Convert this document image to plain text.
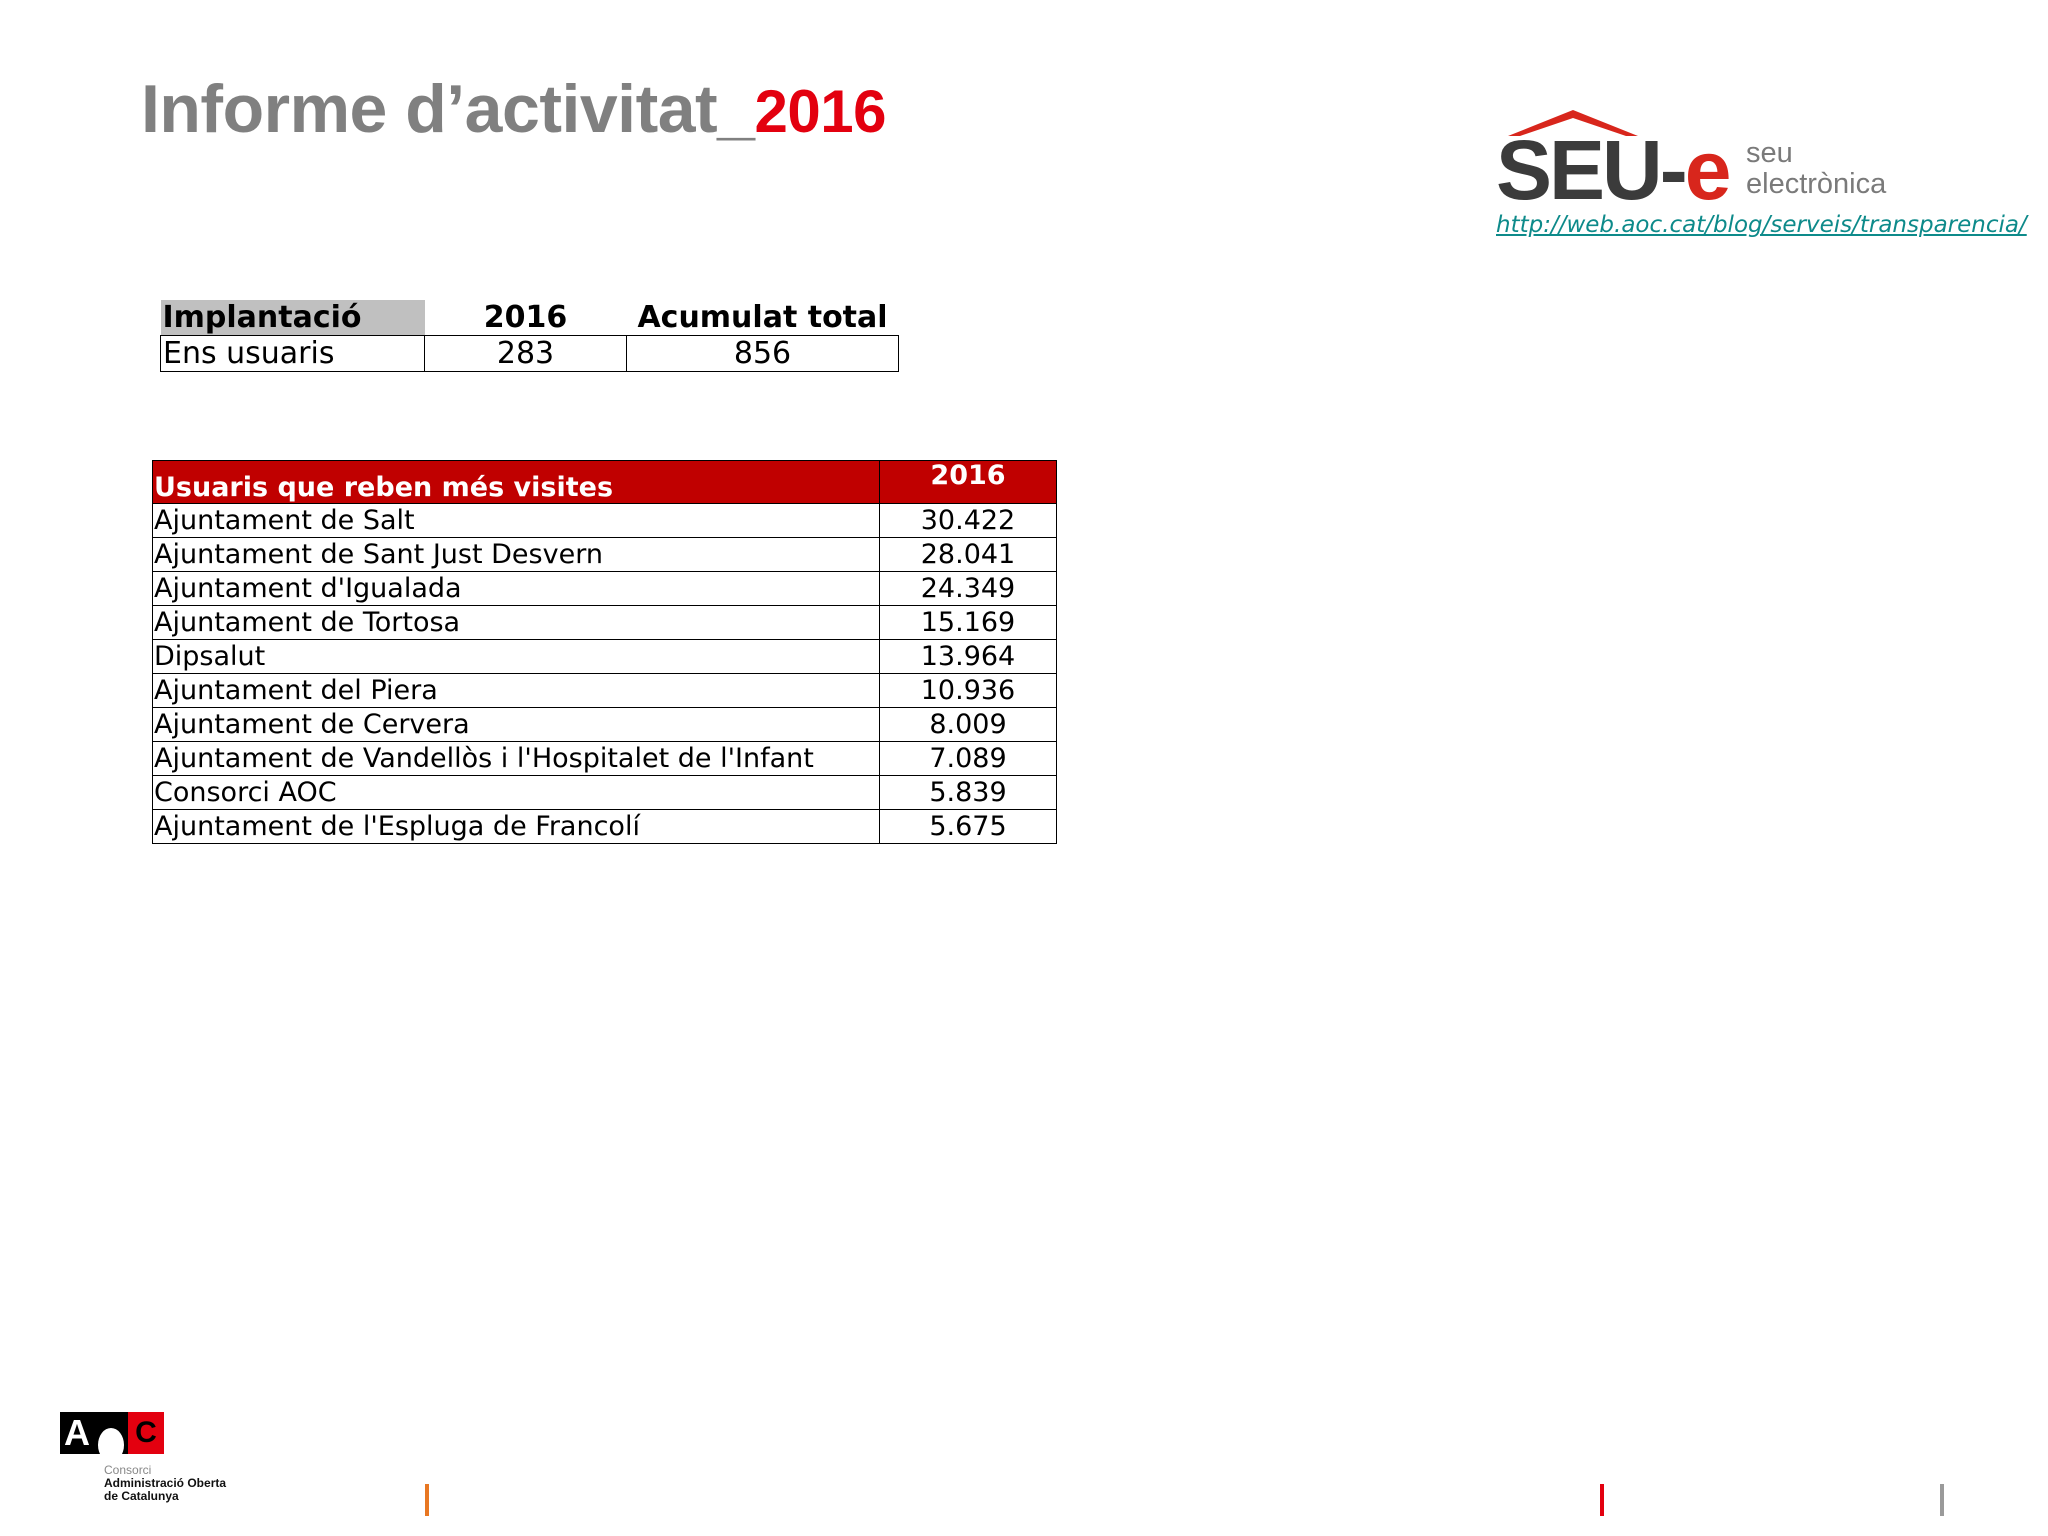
Informe d’activitat_2016
SEU-e seu
electrònica
http://web.aoc.cat/blog/serveis/transparencia/
Implantació	2016	Acumulat total
Ens usuaris	283	856
Usuaris que reben més visites	2016
Ajuntament de Salt	30.422
Ajuntament de Sant Just Desvern	28.041
Ajuntament d'Igualada	24.349
Ajuntament de Tortosa	15.169
Dipsalut	13.964
Ajuntament del Piera	10.936
Ajuntament de Cervera	8.009
Ajuntament de Vandellòs i l'Hospitalet de l'Infant	7.089
Consorci AOC	5.839
Ajuntament de l'Espluga de Francolí	5.675
A C
Consorci
Administració Oberta
de Catalunya
